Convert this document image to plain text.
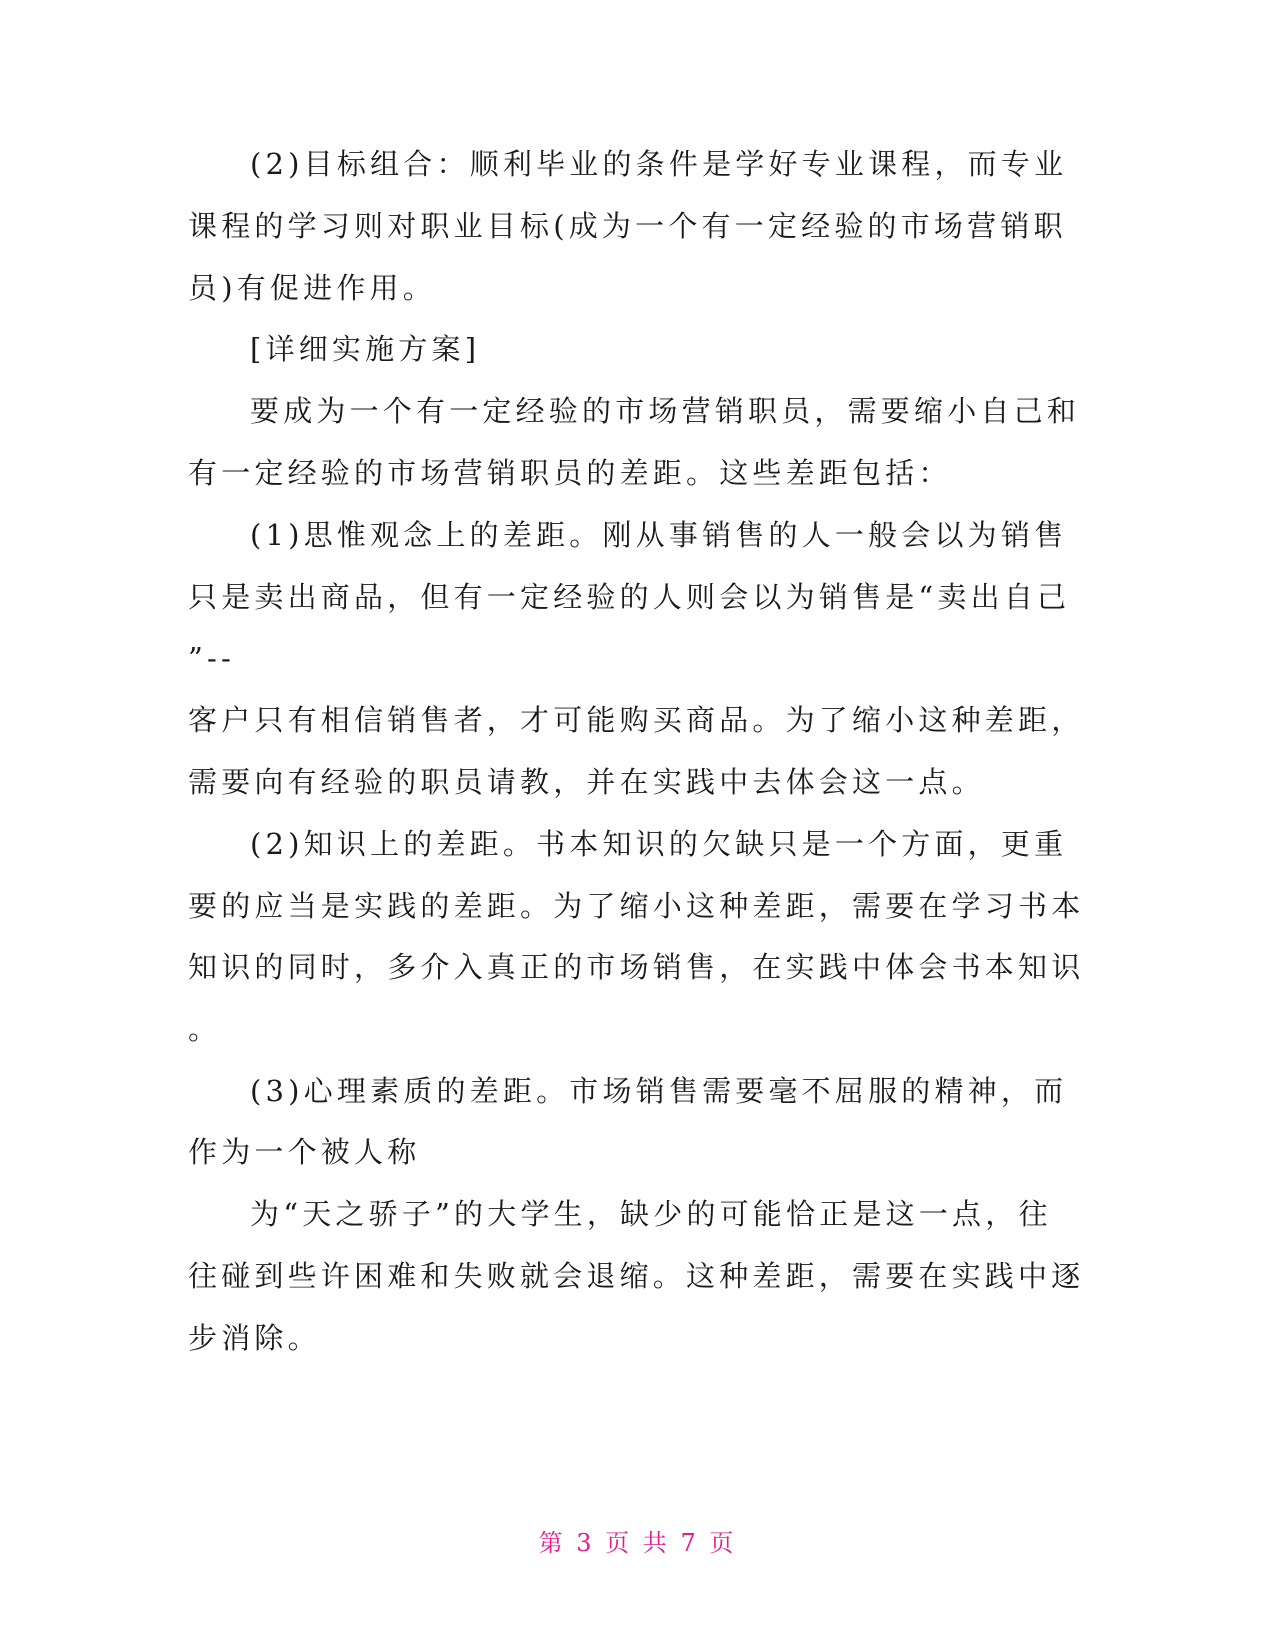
(2)目标组合：顺利毕业的条件是学好专业课程，而专业
课程的学习则对职业目标(成为一个有一定经验的市场营销职
员)有促进作用。
[详细实施方案]
要成为一个有一定经验的市场营销职员，需要缩小自己和
有一定经验的市场营销职员的差距。这些差距包括：
(1)思惟观念上的差距。刚从事销售的人一般会以为销售
只是卖出商品，但有一定经验的人则会以为销售是“卖出自己
”--
客户只有相信销售者，才可能购买商品。为了缩小这种差距，
需要向有经验的职员请教，并在实践中去体会这一点。
(2)知识上的差距。书本知识的欠缺只是一个方面，更重
要的应当是实践的差距。为了缩小这种差距，需要在学习书本
知识的同时，多介入真正的市场销售，在实践中体会书本知识
。
(3)心理素质的差距。市场销售需要毫不屈服的精神，而
作为一个被人称
为“天之骄子”的大学生，缺少的可能恰正是这一点，往
往碰到些许困难和失败就会退缩。这种差距，需要在实践中逐
步消除。
第 3 页 共 7 页
